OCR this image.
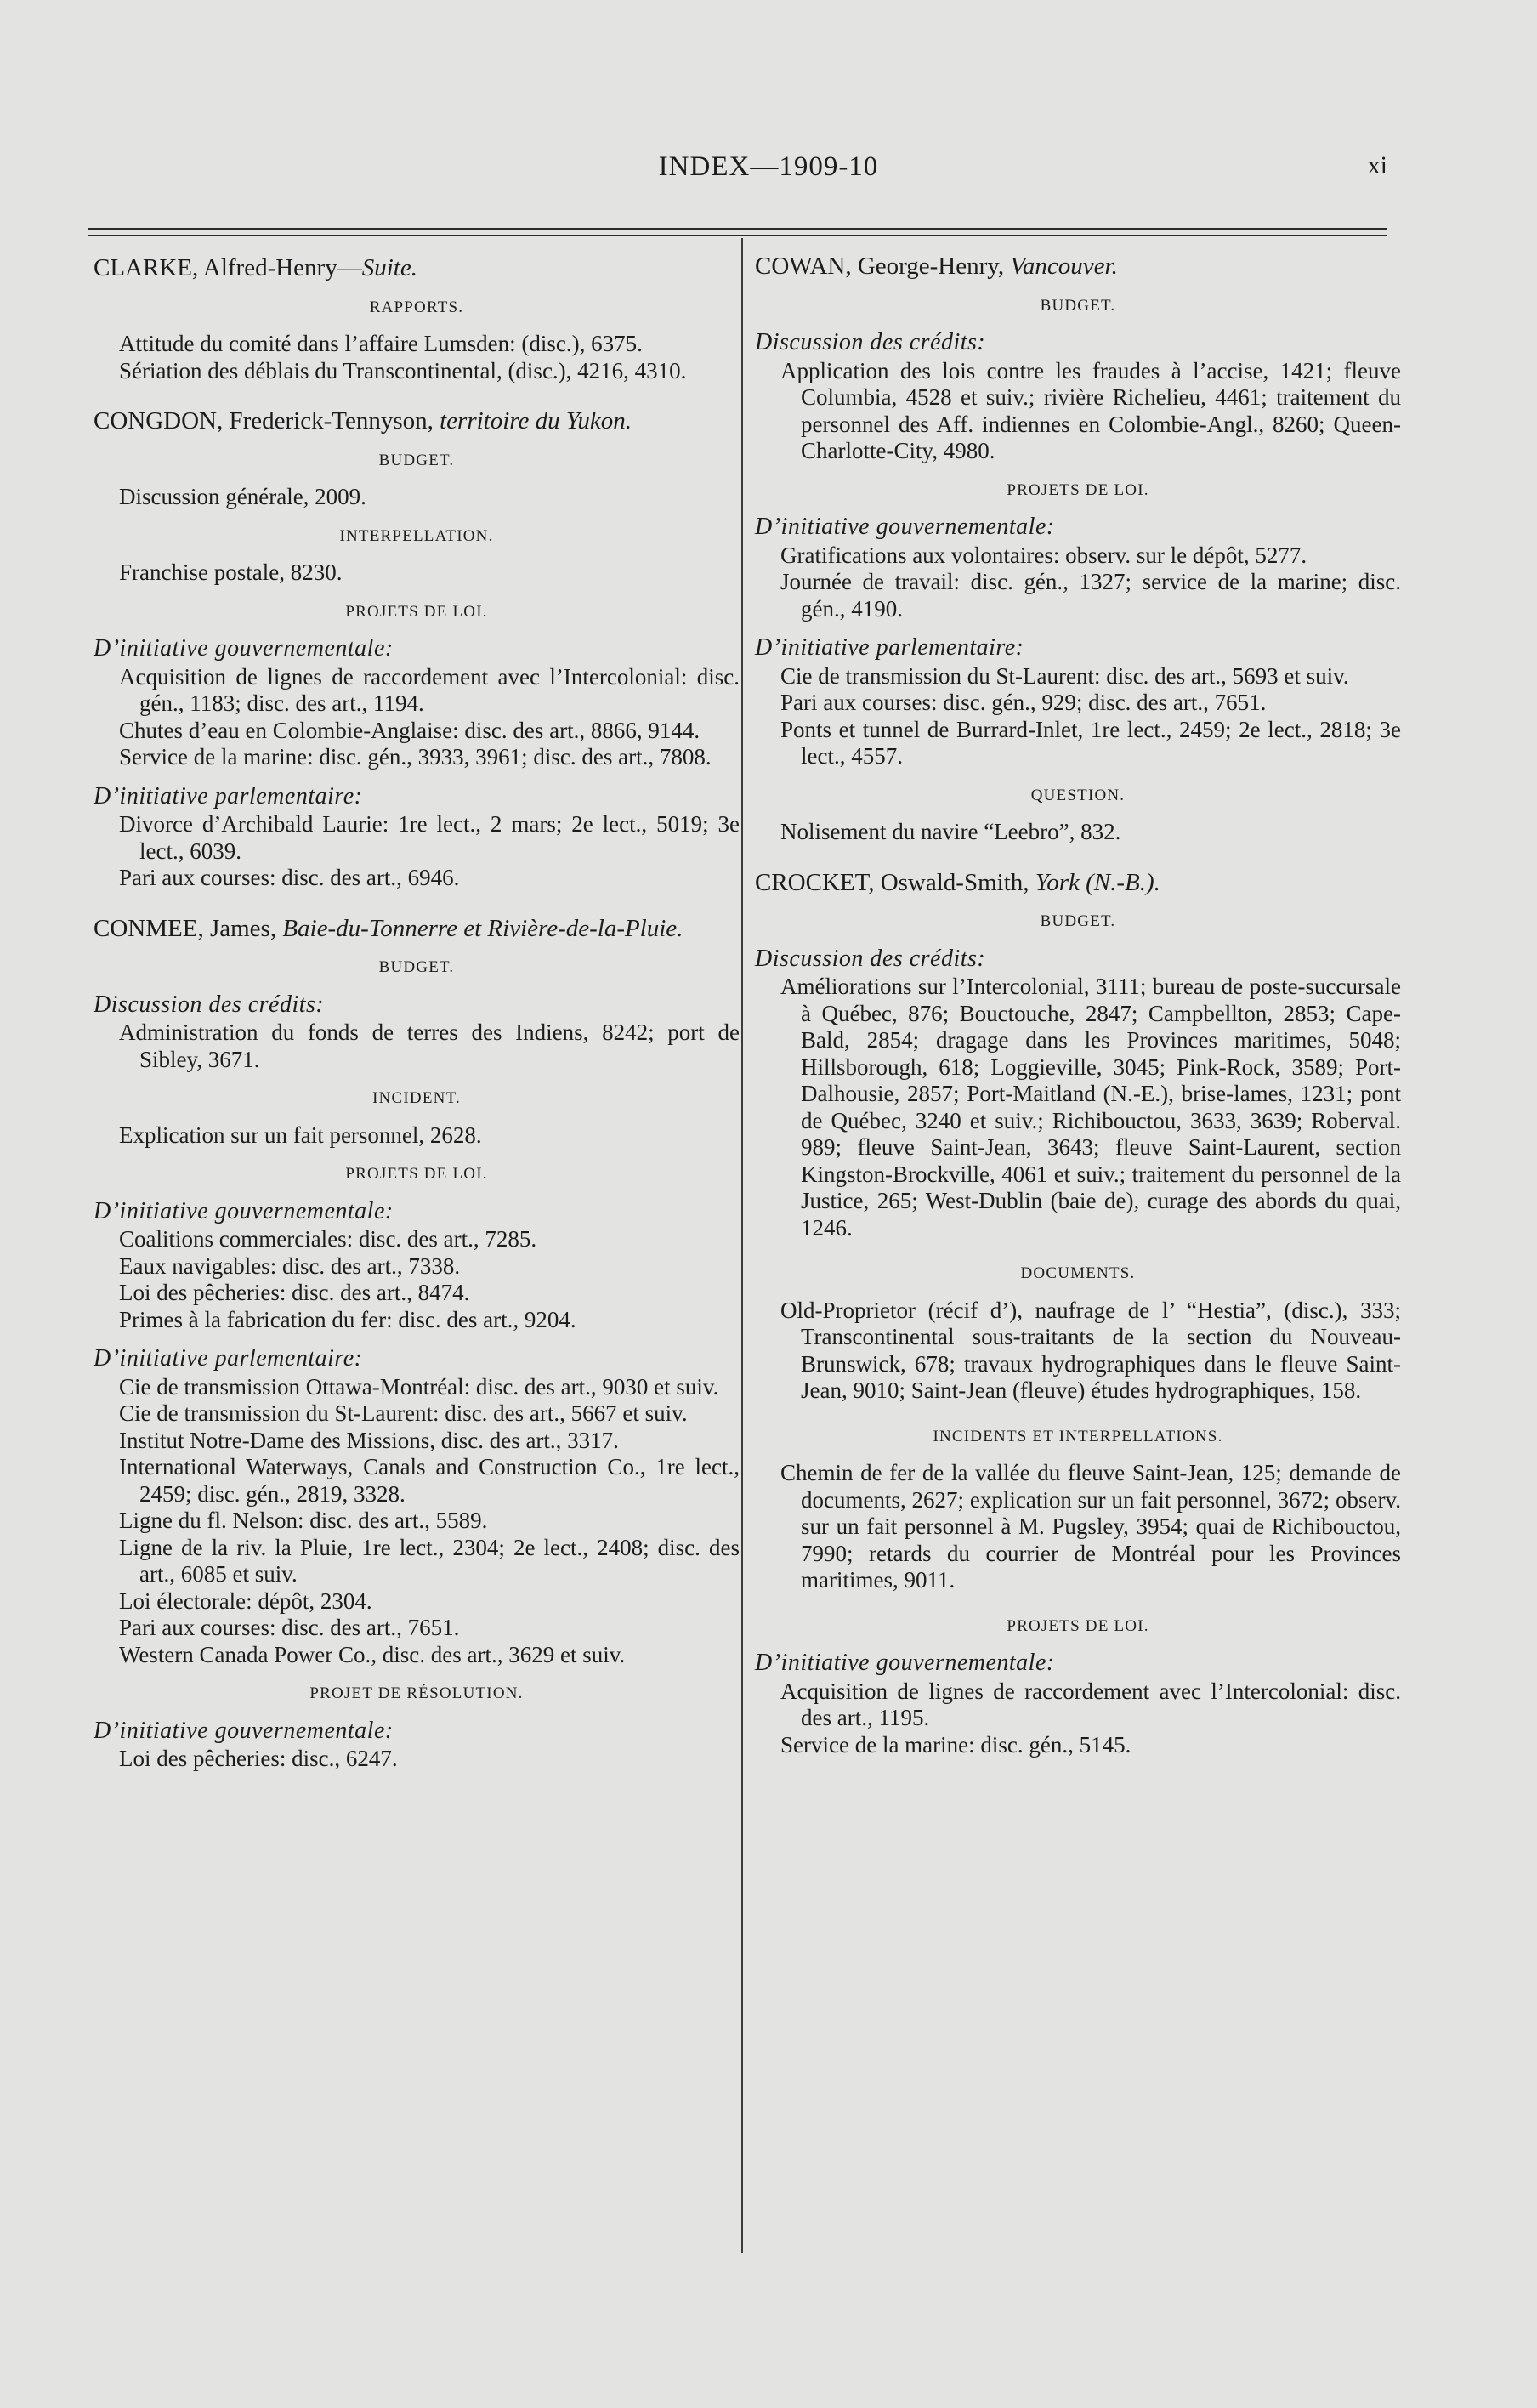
INDEX—1909-10	xi

CLARKE, Alfred-Henry—Suite.

RAPPORTS.

Attitude du comité dans l’affaire Lumsden: (disc.), 6375.

Sériation des déblais du Transcontinental, (disc.), 4216, 4310.

CONGDON, Frederick-Tennyson, territoire du Yukon.

BUDGET.

Discussion générale, 2009.

INTERPELLATION.

Franchise postale, 8230.

PROJETS DE LOI.
D’initiative gouvernementale:

Acquisition de lignes de raccordement avec l’Intercolonial: disc. gén., 1183; disc. des art., 1194.

Chutes d’eau en Colombie-Anglaise: disc. des art., 8866, 9144.

Service de la marine: disc. gén., 3933, 3961; disc. des art., 7808.

D’initiative parlementaire:

Divorce d’Archibald Laurie: 1re lect., 2 mars; 2e lect., 5019; 3e lect., 6039.

Pari aux courses: disc. des art., 6946.

CONMEE, James, Baie-du-Tonnerre et Rivière-de-la-Pluie.

BUDGET.
Discussion des crédits:

Administration du fonds de terres des Indiens, 8242; port de Sibley, 3671.

INCIDENT.

Explication sur un fait personnel, 2628.

PROJETS DE LOI.
D’initiative gouvernementale:

Coalitions commerciales: disc. des art., 7285.

Eaux navigables: disc. des art., 7338.

Loi des pêcheries: disc. des art., 8474.

Primes à la fabrication du fer: disc. des art., 9204.

D’initiative parlementaire:

Cie de transmission Ottawa-Montréal: disc. des art., 9030 et suiv.

Cie de transmission du St-Laurent: disc. des art., 5667 et suiv.

Institut Notre-Dame des Missions, disc. des art., 3317.

International Waterways, Canals and Construction Co., 1re lect., 2459; disc. gén., 2819, 3328.

Ligne du fl. Nelson: disc. des art., 5589.

Ligne de la riv. la Pluie, 1re lect., 2304; 2e lect., 2408; disc. des art., 6085 et suiv.

Loi électorale: dépôt, 2304.

Pari aux courses: disc. des art., 7651.

Western Canada Power Co., disc. des art., 3629 et suiv.

PROJET DE RÉSOLUTION.
D’initiative gouvernementale:

Loi des pêcheries: disc., 6247.

COWAN, George-Henry, Vancouver.

BUDGET.
Discussion des crédits:

Application des lois contre les fraudes à l’accise, 1421; fleuve Columbia, 4528 et suiv.; rivière Richelieu, 4461; traitement du personnel des Aff. indiennes en Colombie-Angl., 8260; Queen-Charlotte-City, 4980.

PROJETS DE LOI.
D’initiative gouvernementale:

Gratifications aux volontaires: observ. sur le dépôt, 5277.

Journée de travail: disc. gén., 1327; service de la marine; disc. gén., 4190.

D’initiative parlementaire:

Cie de transmission du St-Laurent: disc. des art., 5693 et suiv.

Pari aux courses: disc. gén., 929; disc. des art., 7651.

Ponts et tunnel de Burrard-Inlet, 1re lect., 2459; 2e lect., 2818; 3e lect., 4557.

QUESTION.

Nolisement du navire “Leebro”, 832.

CROCKET, Oswald-Smith, York (N.-B.).

BUDGET.
Discussion des crédits:

Améliorations sur l’Intercolonial, 3111; bureau de poste-succursale à Québec, 876; Bouctouche, 2847; Campbellton, 2853; Cape-Bald, 2854; dragage dans les Provinces maritimes, 5048; Hillsborough, 618; Loggieville, 3045; Pink-Rock, 3589; Port-Dalhousie, 2857; Port-Maitland (N.-E.), brise-lames, 1231; pont de Québec, 3240 et suiv.; Richibouctou, 3633, 3639; Roberval. 989; fleuve Saint-Jean, 3643; fleuve Saint-Laurent, section Kingston-Brockville, 4061 et suiv.; traitement du personnel de la Justice, 265; West-Dublin (baie de), curage des abords du quai, 1246.

DOCUMENTS.

Old-Proprietor (récif d’), naufrage de l’ “Hestia”, (disc.), 333; Transcontinental sous-traitants de la section du Nouveau-Brunswick, 678; travaux hydrographiques dans le fleuve Saint-Jean, 9010; Saint-Jean (fleuve) études hydrographiques, 158.

INCIDENTS ET INTERPELLATIONS.

Chemin de fer de la vallée du fleuve Saint-Jean, 125; demande de documents, 2627; explication sur un fait personnel, 3672; observ. sur un fait personnel à M. Pugsley, 3954; quai de Richibouctou, 7990; retards du courrier de Montréal pour les Provinces maritimes, 9011.

PROJETS DE LOI.
D’initiative gouvernementale:

Acquisition de lignes de raccordement avec l’Intercolonial: disc. des art., 1195.

Service de la marine: disc. gén., 5145.
